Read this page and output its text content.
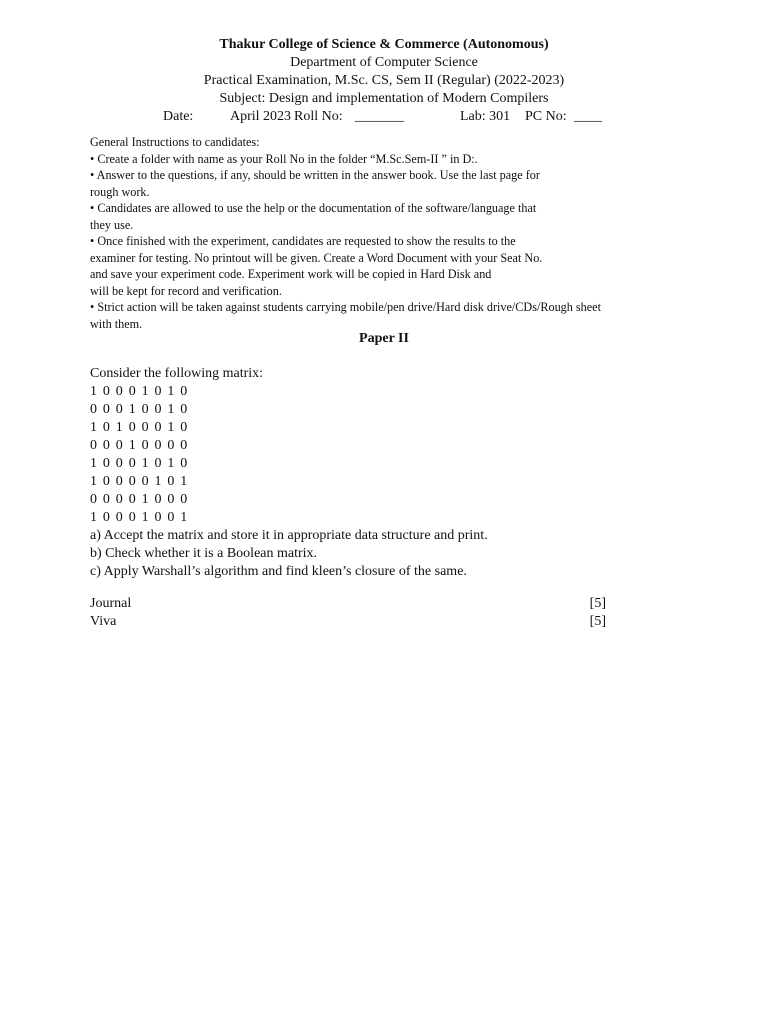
Thakur College of Science & Commerce (Autonomous)
Department of Computer Science
Practical Examination, M.Sc. CS, Sem II (Regular) (2022-2023)
Subject: Design and implementation of Modern Compilers
Date:	April 2023 Roll No: _______	Lab: 301 PC No: ____
General Instructions to candidates:
• Create a folder with name as your Roll No in the folder “M.Sc.Sem-II ” in D:.
• Answer to the questions, if any, should be written in the answer book. Use the last page for
rough work.
• Candidates are allowed to use the help or the documentation of the software/language that
they use.
• Once finished with the experiment, candidates are requested to show the results to the
examiner for testing. No printout will be given. Create a Word Document with your Seat No.
and save your experiment code. Experiment work will be copied in Hard Disk and
will be kept for record and verification.
• Strict action will be taken against students carrying mobile/pen drive/Hard disk drive/CDs/Rough sheet
with them.
Paper II
Consider the following matrix:
1 0 0 0 1 0 1 0
0 0 0 1 0 0 1 0
1 0 1 0 0 0 1 0
0 0 0 1 0 0 0 0
1 0 0 0 1 0 1 0
1 0 0 0 0 1 0 1
0 0 0 0 1 0 0 0
1 0 0 0 1 0 0 1
a) Accept the matrix and store it in appropriate data structure and print.
b) Check whether it is a Boolean matrix.
c) Apply Warshall’s algorithm and find kleen’s closure of the same.
Journal	[5]
Viva	[5]
